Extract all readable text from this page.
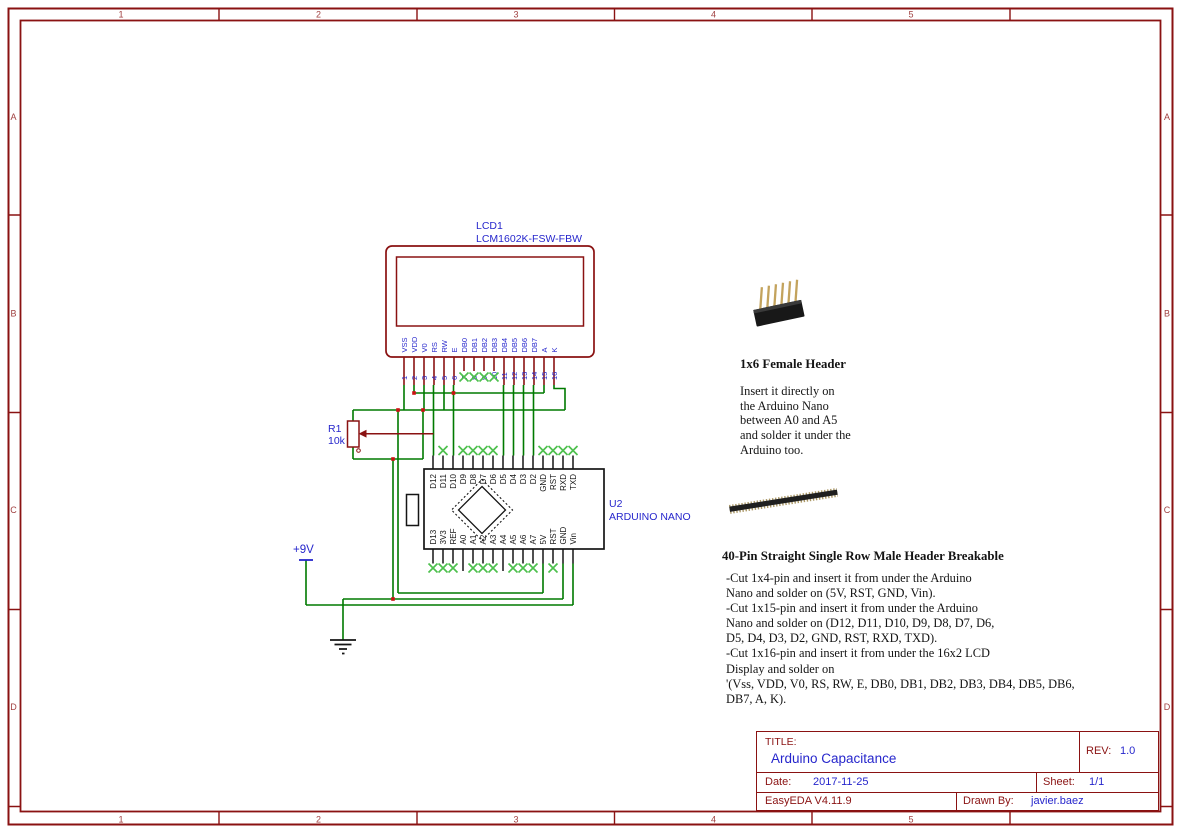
1
1
2
2
3
3
4
4
5
5
A	A
B	B
C	C
D	D
VSS
1
VDD
2
V0
3
RS
4
RW
5
E
6
DB0
7
DB1
8
DB2
9
DB3
10
DB4
11
DB5
12
DB6
13
DB7
14
A
15
K
16
D12 D11 D10 D9 D8 D7 D6 D5 D4 D3 D2 GND RST RXD TXD
D13 3V3 REF A0 A1 A2 A3 A4 A5 A6 A7 5V RST GND Vin
LCD1
LCM1602K-FSW-FBW
U2
ARDUINO NANO
R1
10k
+9V
1x6 Female Header
Insert it directly on
the Arduino Nano
between A0 and A5
and solder it under the
Arduino too.
40-Pin Straight Single Row Male Header Breakable
-Cut 1x4-pin and insert it from under the Arduino
Nano and solder on (5V, RST, GND, Vin).
-Cut 1x15-pin and insert it from under the Arduino
Nano and solder on (D12, D11, D10, D9, D8, D7, D6,
D5, D4, D3, D2, GND, RST, RXD, TXD).
-Cut 1x16-pin and insert it from under the 16x2 LCD
Display and solder on
'(Vss, VDD, V0, RS, RW, E, DB0, DB1, DB2, DB3, DB4, DB5, DB6,
DB7, A, K).
TITLE:
Arduino Capacitance	REV: 1.0
Date: 2017-11-25	Sheet: 1/1
EasyEDA V4.11.9	Drawn By: javier.baez
